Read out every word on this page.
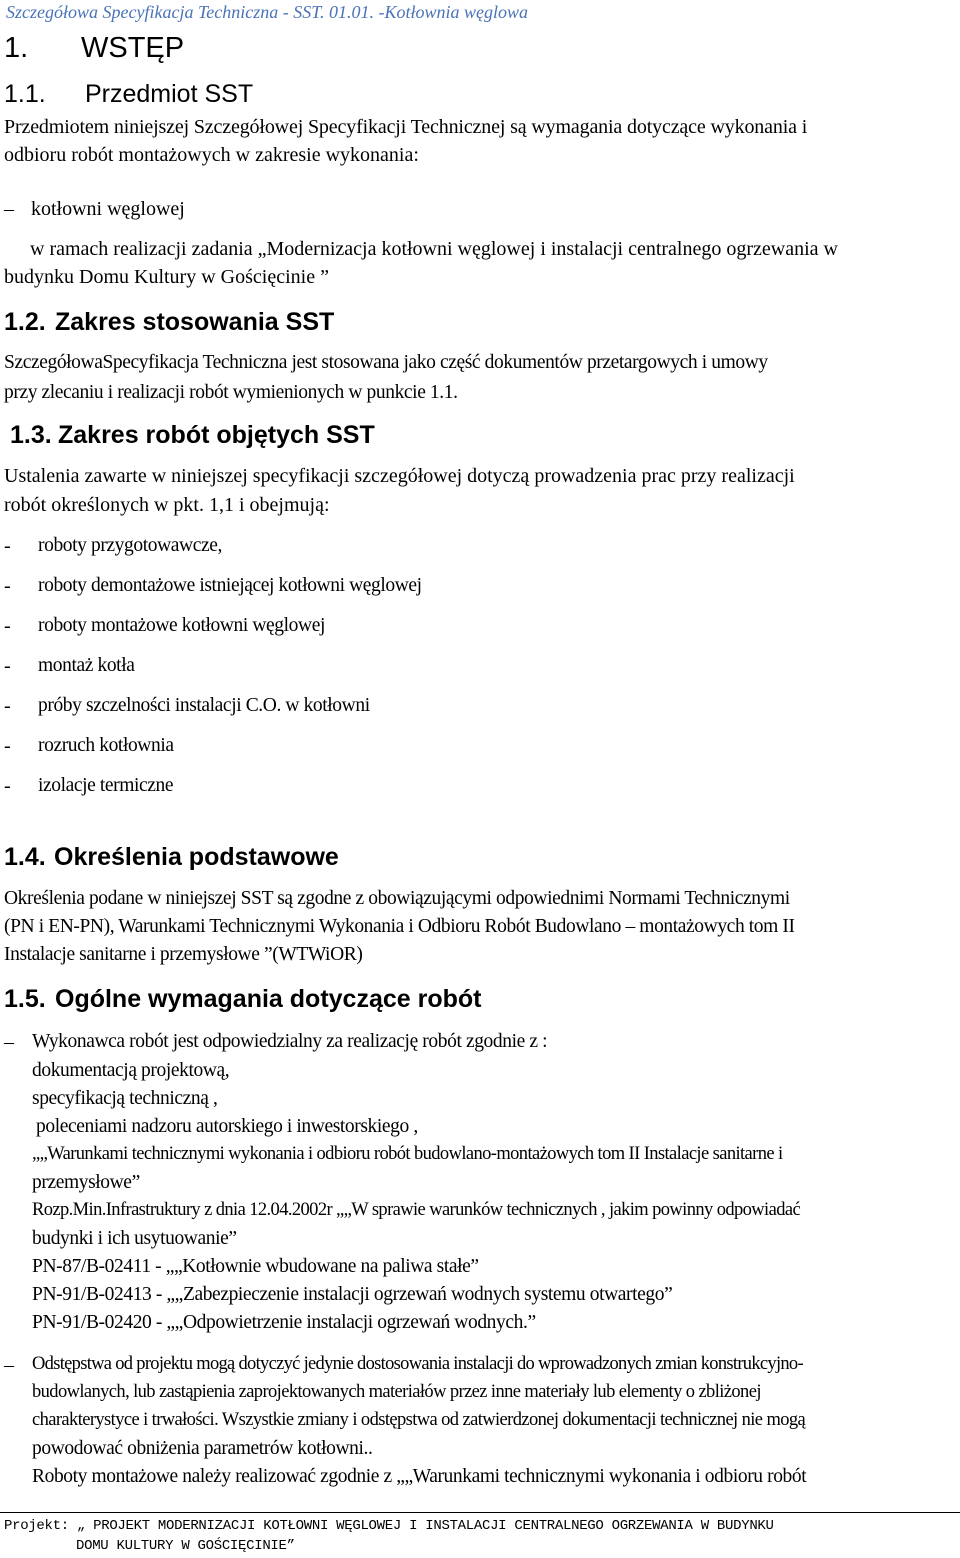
Szczegółowa Specyfikacja Techniczna - SST. 01.01. -Kotłownia węglowa
1. WSTĘP
1.1. Przedmiot SST
Przedmiotem niniejszej Szczegółowej Specyfikacji Technicznej są wymagania dotyczące wykonania i
odbioru robót montażowych w zakresie wykonania:
– kotłowni węglowej
w ramach realizacji zadania „Modernizacja kotłowni węglowej i instalacji centralnego ogrzewania w
budynku Domu Kultury w Gościęcinie ”
1.2. Zakres stosowania SST
SzczegółowaSpecyfikacja Techniczna jest stosowana jako część dokumentów przetargowych i umowy
przy zlecaniu i realizacji robót wymienionych w punkcie 1.1.
1.3. Zakres robót objętych SST
Ustalenia zawarte w niniejszej specyfikacji szczegółowej dotyczą prowadzenia prac przy realizacji
robót określonych w pkt. 1,1 i obejmują:
- roboty przygotowawcze,
- roboty demontażowe istniejącej kotłowni węglowej
- roboty montażowe kotłowni węglowej
- montaż kotła
- próby szczelności instalacji C.O. w kotłowni
- rozruch kotłownia
- izolacje termiczne
1.4. Określenia podstawowe
Określenia podane w niniejszej SST są zgodne z obowiązującymi odpowiednimi Normami Technicznymi
(PN i EN-PN), Warunkami Technicznymi Wykonania i Odbioru Robót Budowlano – montażowych tom II
Instalacje sanitarne i przemysłowe ”(WTWiOR)
1.5. Ogólne wymagania dotyczące robót
– Wykonawca robót jest odpowiedzialny za realizację robót zgodnie z :
dokumentacją projektową,
specyfikacją techniczną ,
poleceniami nadzoru autorskiego i inwestorskiego ,
„„Warunkami technicznymi wykonania i odbioru robót budowlano-montażowych tom II Instalacje sanitarne i
przemysłowe”
Rozp.Min.Infrastruktury z dnia 12.04.2002r „„W sprawie warunków technicznych , jakim powinny odpowiadać
budynki i ich usytuowanie”
PN-87/B-02411 - „„Kotłownie wbudowane na paliwa stałe”
PN-91/B-02413 - „„Zabezpieczenie instalacji ogrzewań wodnych systemu otwartego”
PN-91/B-02420 - „„Odpowietrzenie instalacji ogrzewań wodnych.”
– Odstępstwa od projektu mogą dotyczyć jedynie dostosowania instalacji do wprowadzonych zmian konstrukcyjno-
budowlanych, lub zastąpienia zaprojektowanych materiałów przez inne materiały lub elementy o zbliżonej
charakterystyce i trwałości. Wszystkie zmiany i odstępstwa od zatwierdzonej dokumentacji technicznej nie mogą
powodować obniżenia parametrów kotłowni..
Roboty montażowe należy realizować zgodnie z „„Warunkami technicznymi wykonania i odbioru robót
Projekt: „ PROJEKT MODERNIZACJI KOTŁOWNI WĘGLOWEJ I INSTALACJI CENTRALNEGO OGRZEWANIA W BUDYNKU
DOMU KULTURY W GOŚCIĘCINIE”
